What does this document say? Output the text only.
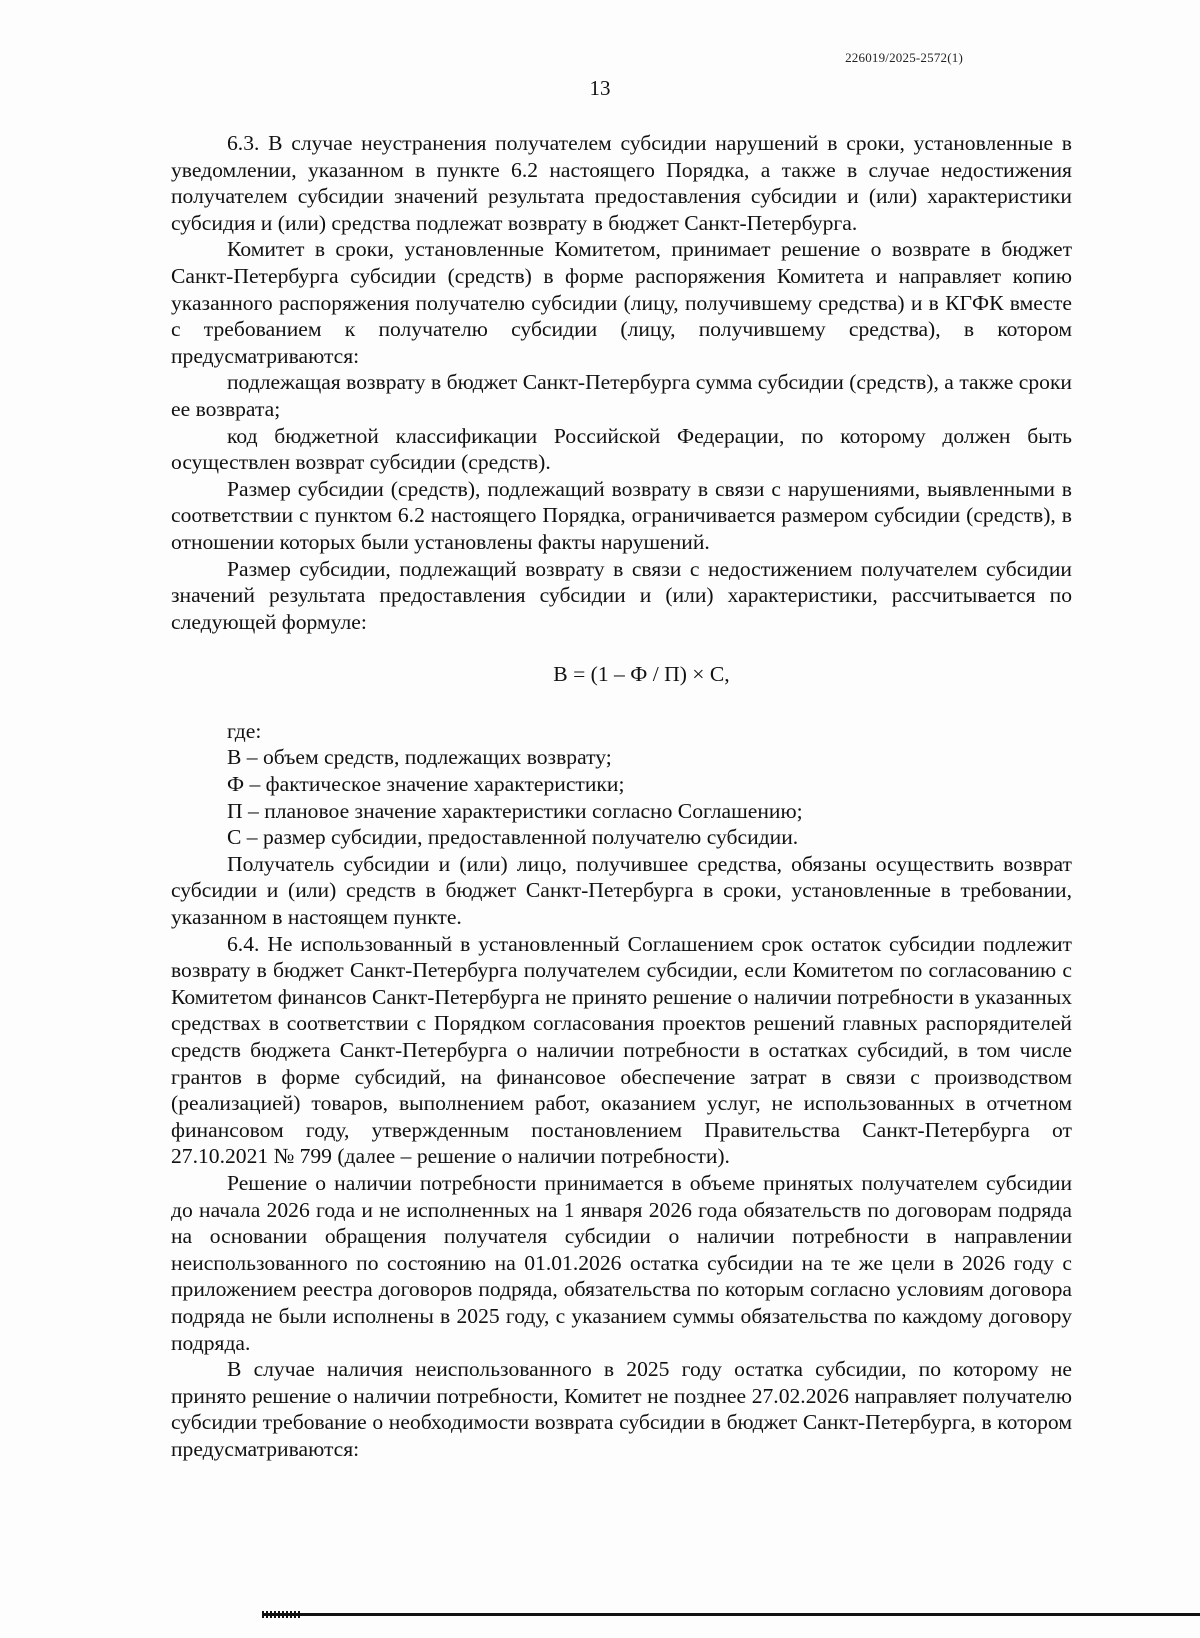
226019/2025-2572(1)
13

6.3. В случае неустранения получателем субсидии нарушений в сроки, установленные в уведомлении, указанном в пункте 6.2 настоящего Порядка, а также в случае недостижения получателем субсидии значений результата предоставления субсидии и (или) характеристики субсидия и (или) средства подлежат возврату в бюджет Санкт-Петербурга.

Комитет в сроки, установленные Комитетом, принимает решение о возврате в бюджет Санкт-Петербурга субсидии (средств) в форме распоряжения Комитета и направляет копию указанного распоряжения получателю субсидии (лицу, получившему средства) и в КГФК вместе с требованием к получателю субсидии (лицу, получившему средства), в котором предусматриваются:

подлежащая возврату в бюджет Санкт-Петербурга сумма субсидии (средств), а также сроки ее возврата;

код бюджетной классификации Российской Федерации, по которому должен быть осуществлен возврат субсидии (средств).

Размер субсидии (средств), подлежащий возврату в связи с нарушениями, выявленными в соответствии с пунктом 6.2 настоящего Порядка, ограничивается размером субсидии (средств), в отношении которых были установлены факты нарушений.

Размер субсидии, подлежащий возврату в связи с недостижением получателем субсидии значений результата предоставления субсидии и (или) характеристики, рассчитывается по следующей формуле:

В = (1 – Ф / П) × С,

где:

В – объем средств, подлежащих возврату;

Ф – фактическое значение характеристики;

П – плановое значение характеристики согласно Соглашению;

С – размер субсидии, предоставленной получателю субсидии.

Получатель субсидии и (или) лицо, получившее средства, обязаны осуществить возврат субсидии и (или) средств в бюджет Санкт-Петербурга в сроки, установленные в требовании, указанном в настоящем пункте.

6.4. Не использованный в установленный Соглашением срок остаток субсидии подлежит возврату в бюджет Санкт-Петербурга получателем субсидии, если Комитетом по согласованию с Комитетом финансов Санкт-Петербурга не принято решение о наличии потребности в указанных средствах в соответствии с Порядком согласования проектов решений главных распорядителей средств бюджета Санкт-Петербурга о наличии потребности в остатках субсидий, в том числе грантов в форме субсидий, на финансовое обеспечение затрат в связи с производством (реализацией) товаров, выполнением работ, оказанием услуг, не использованных в отчетном финансовом году, утвержденным постановлением Правительства Санкт-Петербурга от 27.10.2021 № 799 (далее – решение о наличии потребности).

Решение о наличии потребности принимается в объеме принятых получателем субсидии до начала 2026 года и не исполненных на 1 января 2026 года обязательств по договорам подряда на основании обращения получателя субсидии о наличии потребности в направлении неиспользованного по состоянию на 01.01.2026 остатка субсидии на те же цели в 2026 году с приложением реестра договоров подряда, обязательства по которым согласно условиям договора подряда не были исполнены в 2025 году, с указанием суммы обязательства по каждому договору подряда.

В случае наличия неиспользованного в 2025 году остатка субсидии, по которому не принято решение о наличии потребности, Комитет не позднее 27.02.2026 направляет получателю субсидии требование о необходимости возврата субсидии в бюджет Санкт-Петербурга, в котором предусматриваются:
